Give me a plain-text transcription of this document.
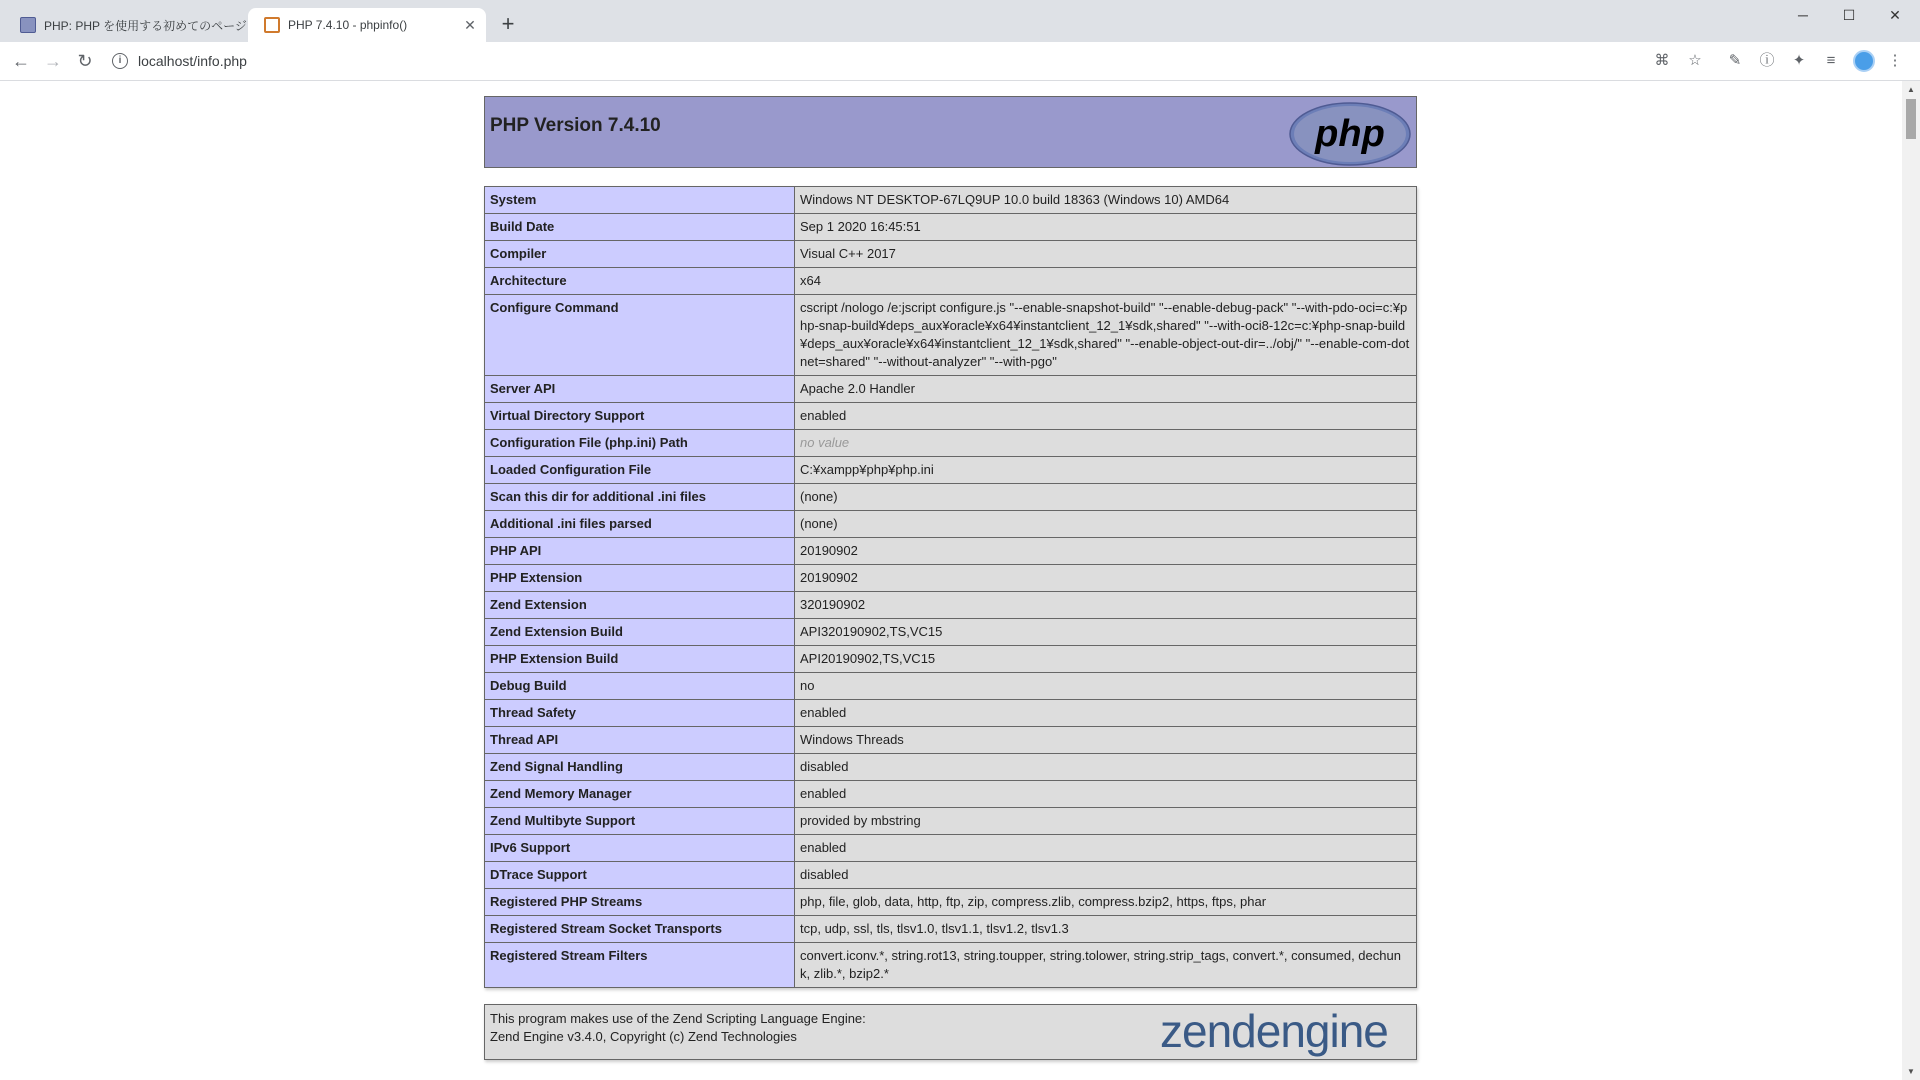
PHP: PHP を使用する初めてのページ	PHP 7.4.10 - phpinfo()	✕ +	─	☐	✕
← → ↻	i	localhost/info.php	⌘ ☆	✎	ⓘ	✦	≡	⋮
PHP Version 7.4.10	php
System	Windows NT DESKTOP-67LQ9UP 10.0 build 18363 (Windows 10) AMD64
Build Date	Sep 1 2020 16:45:51
Compiler	Visual C++ 2017
Architecture	x64
Configure Command	cscript /nologo /e:jscript configure.js "--enable-snapshot-build" "--enable-debug-pack" "--with-pdo-oci=c:¥php-snap-build¥deps_aux¥oracle¥x64¥instantclient_12_1¥sdk,shared" "--with-oci8-12c=c:¥php-snap-build¥deps_aux¥oracle¥x64¥instantclient_12_1¥sdk,shared" "--enable-object-out-dir=../obj/" "--enable-com-dotnet=shared" "--without-analyzer" "--with-pgo"
Server API	Apache 2.0 Handler
Virtual Directory Support	enabled
Configuration File (php.ini) Path	no value
Loaded Configuration File	C:¥xampp¥php¥php.ini
Scan this dir for additional .ini files	(none)
Additional .ini files parsed	(none)
PHP API	20190902
PHP Extension	20190902
Zend Extension	320190902
Zend Extension Build	API320190902,TS,VC15
PHP Extension Build	API20190902,TS,VC15
Debug Build	no
Thread Safety	enabled
Thread API	Windows Threads
Zend Signal Handling	disabled
Zend Memory Manager	enabled
Zend Multibyte Support	provided by mbstring
IPv6 Support	enabled
DTrace Support	disabled
Registered PHP Streams	php, file, glob, data, http, ftp, zip, compress.zlib, compress.bzip2, https, ftps, phar
Registered Stream Socket Transports	tcp, udp, ssl, tls, tlsv1.0, tlsv1.1, tlsv1.2, tlsv1.3
Registered Stream Filters	convert.iconv.*, string.rot13, string.toupper, string.tolower, string.strip_tags, convert.*, consumed, dechunk, zlib.*, bzip2.*
This program makes use of the Zend Scripting Language Engine:
Zend Engine v3.4.0, Copyright (c) Zend Technologies	zendengine
▲
▼
